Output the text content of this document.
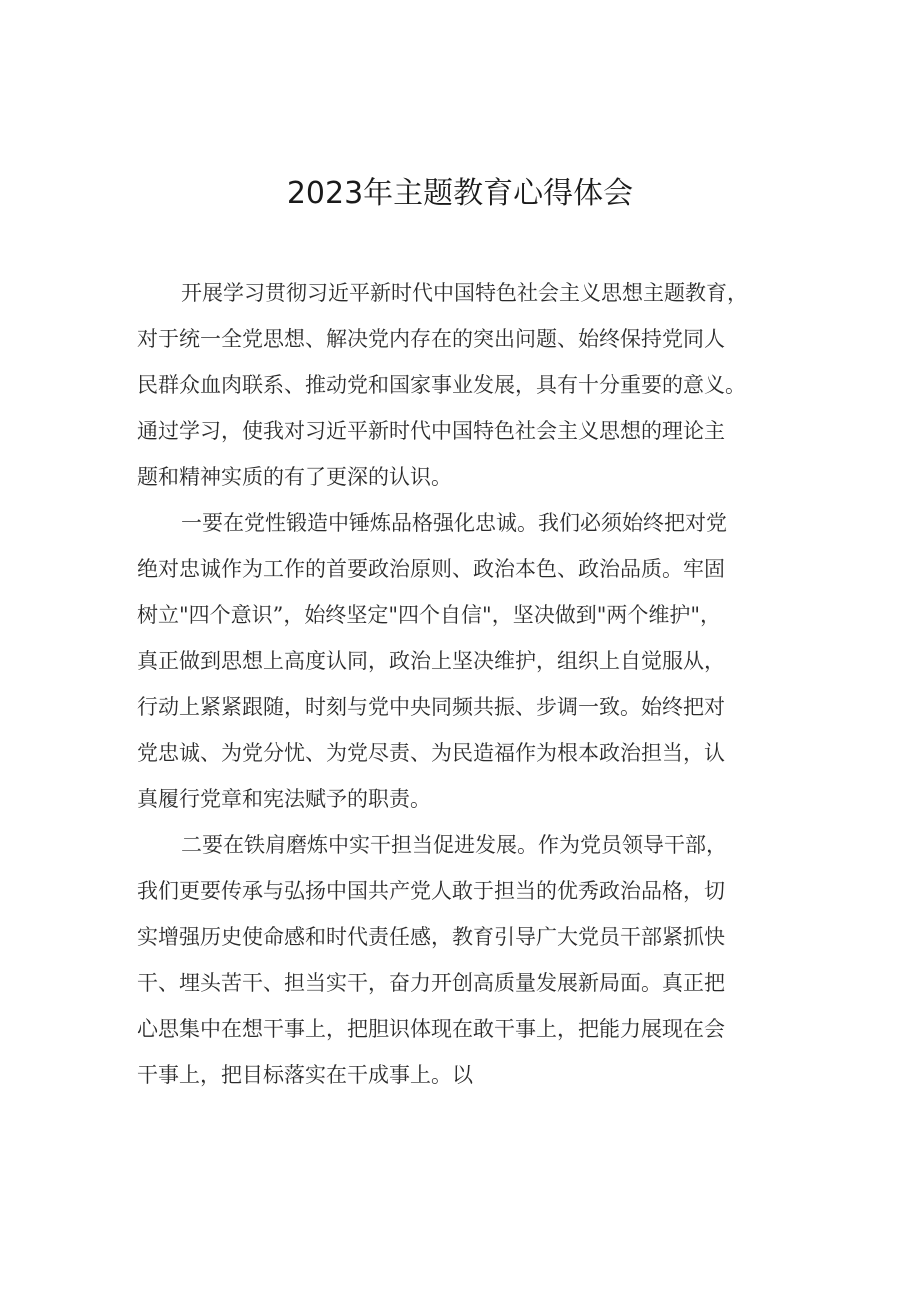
2023年主题教育心得体会
开展学习贯彻习近平新时代中国特色社会主义思想主题教育，
对于统一全党思想、解决党内存在的突出问题、始终保持党同人
民群众血肉联系、推动党和国家事业发展，具有十分重要的意义。
通过学习，使我对习近平新时代中国特色社会主义思想的理论主
题和精神实质的有了更深的认识。
一要在党性锻造中锤炼品格强化忠诚。我们必须始终把对党
绝对忠诚作为工作的首要政治原则、政治本色、政治品质。牢固
树立"四个意识”，始终坚定"四个自信"，坚决做到"两个维护"，
真正做到思想上高度认同，政治上坚决维护，组织上自觉服从，
行动上紧紧跟随，时刻与党中央同频共振、步调一致。始终把对
党忠诚、为党分忧、为党尽责、为民造福作为根本政治担当，认
真履行党章和宪法赋予的职责。
二要在铁肩磨炼中实干担当促进发展。作为党员领导干部，
我们更要传承与弘扬中国共产党人敢于担当的优秀政治品格，切
实增强历史使命感和时代责任感，教育引导广大党员干部紧抓快
干、埋头苦干、担当实干，奋力开创高质量发展新局面。真正把
心思集中在想干事上，把胆识体现在敢干事上，把能力展现在会
干事上，把目标落实在干成事上。以
